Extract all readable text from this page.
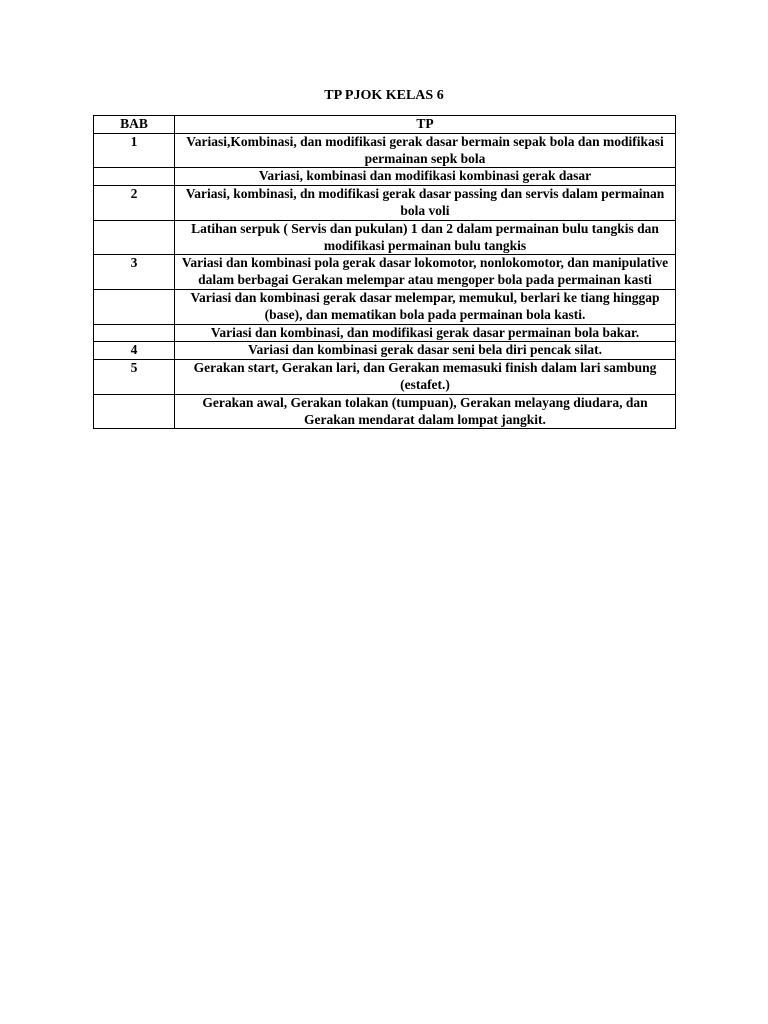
TP PJOK KELAS 6
BAB	TP
1	Variasi,Kombinasi, dan modifikasi gerak dasar bermain sepak bola dan modifikasi permainan sepk bola
	Variasi, kombinasi dan modifikasi kombinasi gerak dasar
2	Variasi, kombinasi, dn modifikasi gerak dasar passing dan servis dalam permainan bola voli
	Latihan serpuk ( Servis dan pukulan) 1 dan 2 dalam permainan bulu tangkis dan modifikasi permainan bulu tangkis
3	Variasi dan kombinasi pola gerak dasar lokomotor, nonlokomotor, dan manipulative dalam berbagai Gerakan melempar atau mengoper bola pada permainan kasti
	Variasi dan kombinasi gerak dasar melempar, memukul, berlari ke tiang hinggap (base), dan mematikan bola pada permainan bola kasti.
	Variasi dan kombinasi, dan modifikasi gerak dasar permainan bola bakar.
4	Variasi dan kombinasi gerak dasar seni bela diri pencak silat.
5	Gerakan start, Gerakan lari, dan Gerakan memasuki finish dalam lari sambung (estafet.)
	Gerakan awal, Gerakan tolakan (tumpuan), Gerakan melayang diudara, dan Gerakan mendarat dalam lompat jangkit.
